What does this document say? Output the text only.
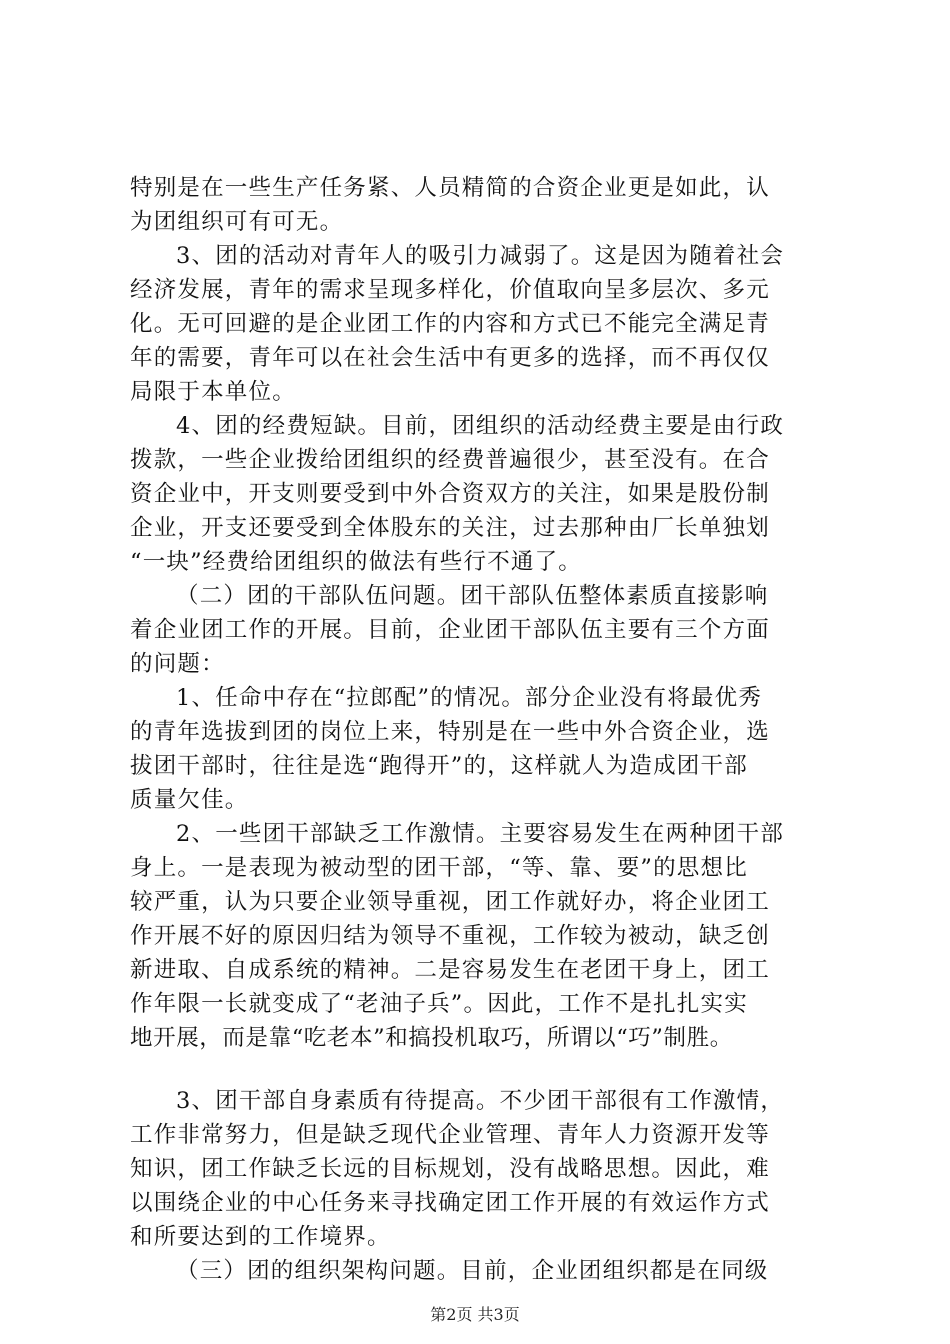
特别是在一些生产任务紧、人员精简的合资企业更是如此，认
为团组织可有可无。
3、团的活动对青年人的吸引力减弱了。这是因为随着社会
经济发展，青年的需求呈现多样化，价值取向呈多层次、多元
化。无可回避的是企业团工作的内容和方式已不能完全满足青
年的需要，青年可以在社会生活中有更多的选择，而不再仅仅
局限于本单位。
4、团的经费短缺。目前，团组织的活动经费主要是由行政
拨款，一些企业拨给团组织的经费普遍很少，甚至没有。在合
资企业中，开支则要受到中外合资双方的关注，如果是股份制
企业，开支还要受到全体股东的关注，过去那种由厂长单独划
“一块”经费给团组织的做法有些行不通了。
（二）团的干部队伍问题。团干部队伍整体素质直接影响
着企业团工作的开展。目前，企业团干部队伍主要有三个方面
的问题：
1、任命中存在“拉郎配”的情况。部分企业没有将最优秀
的青年选拔到团的岗位上来，特别是在一些中外合资企业，选
拔团干部时，往往是选“跑得开”的，这样就人为造成团干部
质量欠佳。
2、一些团干部缺乏工作激情。主要容易发生在两种团干部
身上。一是表现为被动型的团干部，“等、靠、要”的思想比
较严重，认为只要企业领导重视，团工作就好办，将企业团工
作开展不好的原因归结为领导不重视，工作较为被动，缺乏创
新进取、自成系统的精神。二是容易发生在老团干身上，团工
作年限一长就变成了“老油子兵”。因此，工作不是扎扎实实
地开展，而是靠“吃老本”和搞投机取巧，所谓以“巧”制胜。
3、团干部自身素质有待提高。不少团干部很有工作激情，
工作非常努力，但是缺乏现代企业管理、青年人力资源开发等
知识，团工作缺乏长远的目标规划，没有战略思想。因此，难
以围绕企业的中心任务来寻找确定团工作开展的有效运作方式
和所要达到的工作境界。
（三）团的组织架构问题。目前，企业团组织都是在同级
第2页 共3页
